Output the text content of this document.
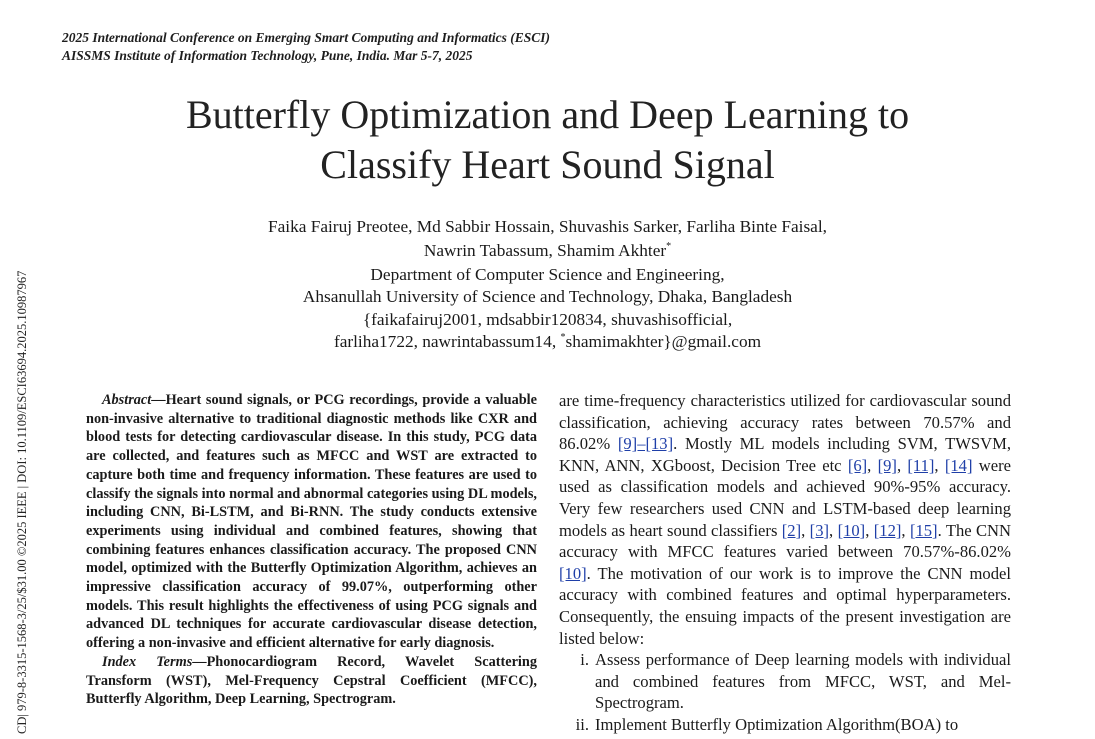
2025 International Conference on Emerging Smart Computing and Informatics (ESCI)
AISSMS Institute of Information Technology, Pune, India. Mar 5-7, 2025
CD| 979-8-3315-1568-3/25/$31.00 ©2025 IEEE | DOI: 10.1109/ESCI63694.2025.10987967
Butterfly Optimization and Deep Learning to
Classify Heart Sound Signal
Faika Fairuj Preotee, Md Sabbir Hossain, Shuvashis Sarker, Farliha Binte Faisal,
Nawrin Tabassum, Shamim Akhter*
Department of Computer Science and Engineering,
Ahsanullah University of Science and Technology, Dhaka, Bangladesh
{faikafairuj2001, mdsabbir120834, shuvashisofficial,
farliha1722, nawrintabassum14, *shamimakhter}@gmail.com

Abstract—Heart sound signals, or PCG recordings, provide a valuable non-invasive alternative to traditional diagnostic methods like CXR and blood tests for detecting cardiovascular disease. In this study, PCG data are collected, and features such as MFCC and WST are extracted to capture both time and frequency information. These features are used to classify the signals into normal and abnormal categories using DL models, including CNN, Bi-LSTM, and Bi-RNN. The study conducts extensive experiments using individual and combined features, showing that combining features enhances classification accuracy. The proposed CNN model, optimized with the Butterfly Optimization Algorithm, achieves an impressive classification accuracy of 99.07%, outperforming other models. This result highlights the effectiveness of using PCG signals and advanced DL techniques for accurate cardiovascular disease detection, offering a non-invasive and efficient alternative for early diagnosis.

Index Terms—Phonocardiogram Record, Wavelet Scattering Transform (WST), Mel-Frequency Cepstral Coefficient (MFCC), Butterfly Algorithm, Deep Learning, Spectrogram.

are time-frequency characteristics utilized for cardiovascular sound classification, achieving accuracy rates between 70.57% and 86.02% [9]–[13]. Mostly ML models including SVM, TWSVM, KNN, ANN, XGboost, Decision Tree etc [6], [9], [11], [14] were used as classification models and achieved 90%-95% accuracy. Very few researchers used CNN and LSTM-based deep learning models as heart sound classifiers [2], [3], [10], [12], [15]. The CNN accuracy with MFCC features varied between 70.57%-86.02% [10]. The motivation of our work is to improve the CNN model accuracy with combined features and optimal hyperparameters. Consequently, the ensuing impacts of the present investigation are listed below:

i. Assess performance of Deep learning models with individual and combined features from MFCC, WST, and Mel-Spectrogram.
ii. Implement Butterfly Optimization Algorithm(BOA) to
